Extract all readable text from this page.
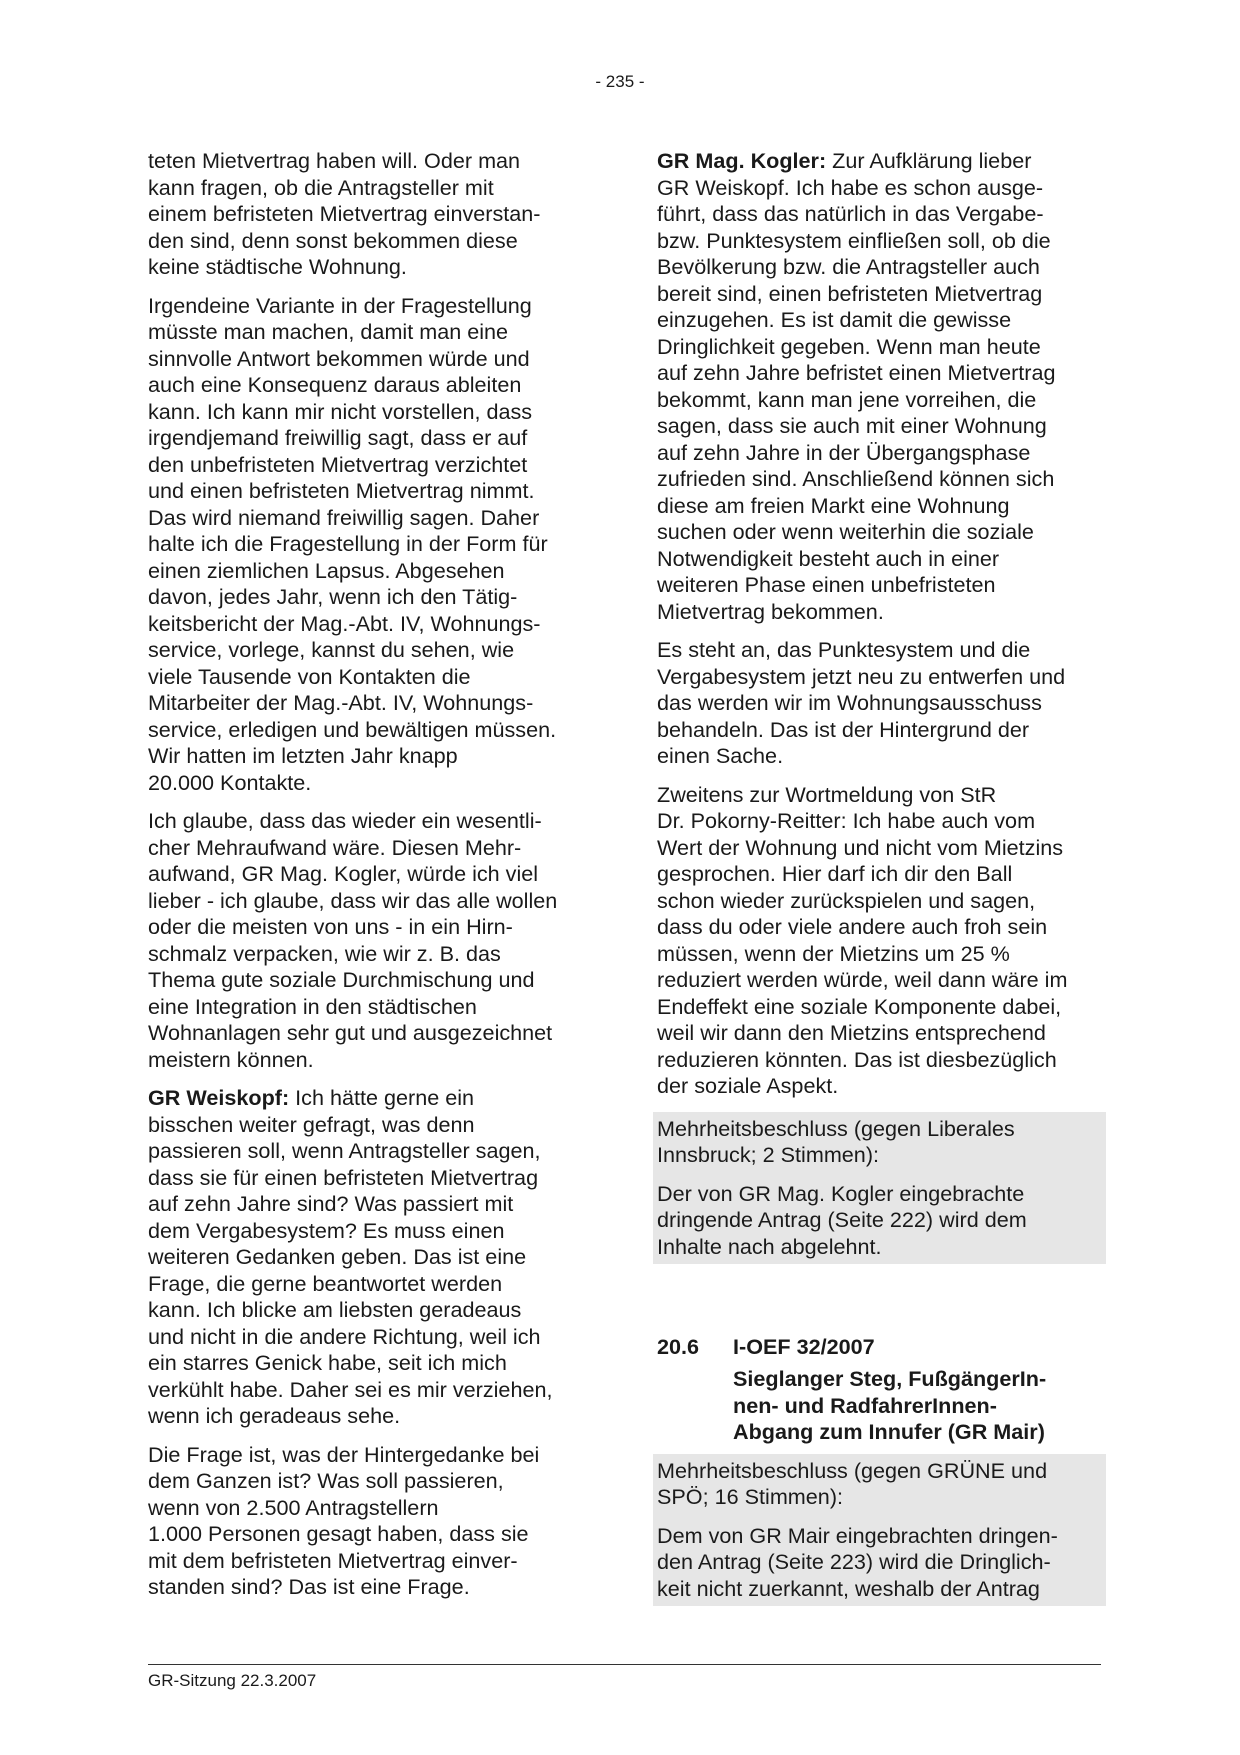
- 235 -
teten Mietvertrag haben will. Oder man
kann fragen, ob die Antragsteller mit
einem befristeten Mietvertrag einverstan-
den sind, denn sonst bekommen diese
keine städtische Wohnung.
Irgendeine Variante in der Fragestellung
müsste man machen, damit man eine
sinnvolle Antwort bekommen würde und
auch eine Konsequenz daraus ableiten
kann. Ich kann mir nicht vorstellen, dass
irgendjemand freiwillig sagt, dass er auf
den unbefristeten Mietvertrag verzichtet
und einen befristeten Mietvertrag nimmt.
Das wird niemand freiwillig sagen. Daher
halte ich die Fragestellung in der Form für
einen ziemlichen Lapsus. Abgesehen
davon, jedes Jahr, wenn ich den Tätig-
keitsbericht der Mag.-Abt. IV, Wohnungs-
service, vorlege, kannst du sehen, wie
viele Tausende von Kontakten die
Mitarbeiter der Mag.-Abt. IV, Wohnungs-
service, erledigen und bewältigen müssen.
Wir hatten im letzten Jahr knapp
20.000 Kontakte.
Ich glaube, dass das wieder ein wesentli-
cher Mehraufwand wäre. Diesen Mehr-
aufwand, GR Mag. Kogler, würde ich viel
lieber - ich glaube, dass wir das alle wollen
oder die meisten von uns - in ein Hirn-
schmalz verpacken, wie wir z. B. das
Thema gute soziale Durchmischung und
eine Integration in den städtischen
Wohnanlagen sehr gut und ausgezeichnet
meistern können.
GR Weiskopf: Ich hätte gerne ein
bisschen weiter gefragt, was denn
passieren soll, wenn Antragsteller sagen,
dass sie für einen befristeten Mietvertrag
auf zehn Jahre sind? Was passiert mit
dem Vergabesystem? Es muss einen
weiteren Gedanken geben. Das ist eine
Frage, die gerne beantwortet werden
kann. Ich blicke am liebsten geradeaus
und nicht in die andere Richtung, weil ich
ein starres Genick habe, seit ich mich
verkühlt habe. Daher sei es mir verziehen,
wenn ich geradeaus sehe.
Die Frage ist, was der Hintergedanke bei
dem Ganzen ist? Was soll passieren,
wenn von 2.500 Antragstellern
1.000 Personen gesagt haben, dass sie
mit dem befristeten Mietvertrag einver-
standen sind? Das ist eine Frage.
GR Mag. Kogler: Zur Aufklärung lieber
GR Weiskopf. Ich habe es schon ausge-
führt, dass das natürlich in das Vergabe-
bzw. Punktesystem einfließen soll, ob die
Bevölkerung bzw. die Antragsteller auch
bereit sind, einen befristeten Mietvertrag
einzugehen. Es ist damit die gewisse
Dringlichkeit gegeben. Wenn man heute
auf zehn Jahre befristet einen Mietvertrag
bekommt, kann man jene vorreihen, die
sagen, dass sie auch mit einer Wohnung
auf zehn Jahre in der Übergangsphase
zufrieden sind. Anschließend können sich
diese am freien Markt eine Wohnung
suchen oder wenn weiterhin die soziale
Notwendigkeit besteht auch in einer
weiteren Phase einen unbefristeten
Mietvertrag bekommen.
Es steht an, das Punktesystem und die
Vergabesystem jetzt neu zu entwerfen und
das werden wir im Wohnungsausschuss
behandeln. Das ist der Hintergrund der
einen Sache.
Zweitens zur Wortmeldung von StR
Dr. Pokorny-Reitter: Ich habe auch vom
Wert der Wohnung und nicht vom Mietzins
gesprochen. Hier darf ich dir den Ball
schon wieder zurückspielen und sagen,
dass du oder viele andere auch froh sein
müssen, wenn der Mietzins um 25 %
reduziert werden würde, weil dann wäre im
Endeffekt eine soziale Komponente dabei,
weil wir dann den Mietzins entsprechend
reduzieren könnten. Das ist diesbezüglich
der soziale Aspekt.
Mehrheitsbeschluss (gegen Liberales
Innsbruck; 2 Stimmen):
Der von GR Mag. Kogler eingebrachte
dringende Antrag (Seite 222) wird dem
Inhalte nach abgelehnt.
20.6 I-OEF 32/2007
Sieglanger Steg, FußgängerIn-
nen- und RadfahrerInnen-
Abgang zum Innufer (GR Mair)
Mehrheitsbeschluss (gegen GRÜNE und
SPÖ; 16 Stimmen):
Dem von GR Mair eingebrachten dringen-
den Antrag (Seite 223) wird die Dringlich-
keit nicht zuerkannt, weshalb der Antrag
GR-Sitzung 22.3.2007
